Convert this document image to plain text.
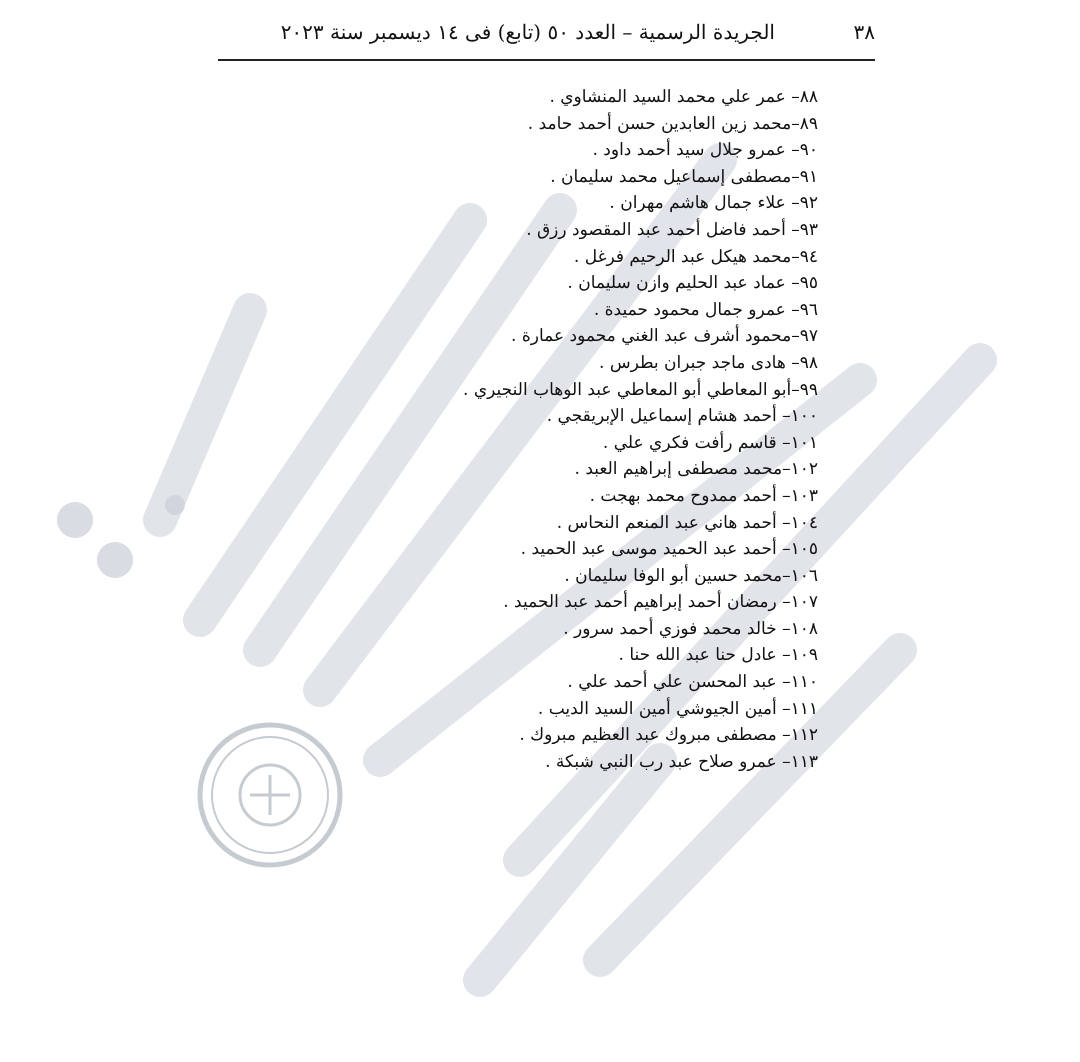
٣٨
الجريدة الرسمية – العدد ٥٠ (تابع) فى ١٤ ديسمبر سنة ٢٠٢٣
٨٨– عمر علي محمد السيد المنشاوي .
٨٩–محمد زين العابدين حسن أحمد حامد .
٩٠– عمرو جلال سيد أحمد داود .
٩١–مصطفى إسماعيل محمد سليمان .
٩٢– علاء جمال هاشم مهران .
٩٣– أحمد فاضل أحمد عبد المقصود رزق .
٩٤–محمد هيكل عبد الرحيم فرغل .
٩٥– عماد عبد الحليم وازن سليمان .
٩٦– عمرو جمال محمود حميدة .
٩٧–محمود أشرف عبد الغني محمود عمارة .
٩٨– هادى ماجد جبران بطرس .
٩٩–أبو المعاطي أبو المعاطي عبد الوهاب النجيري .
١٠٠– أحمد هشام إسماعيل الإبريقجي .
١٠١– قاسم رأفت فكري علي .
١٠٢–محمد مصطفى إبراهيم العبد .
١٠٣– أحمد ممدوح محمد بهجت .
١٠٤– أحمد هاني عبد المنعم النحاس .
١٠٥– أحمد عبد الحميد موسى عبد الحميد .
١٠٦–محمد حسين أبو الوفا سليمان .
١٠٧– رمضان أحمد إبراهيم أحمد عبد الحميد .
١٠٨– خالد محمد فوزي أحمد سرور .
١٠٩– عادل حنا عبد الله حنا .
١١٠– عبد المحسن علي أحمد علي .
١١١– أمين الجيوشي أمين السيد الديب .
١١٢– مصطفى مبروك عبد العظيم مبروك .
١١٣– عمرو صلاح عبد رب النبي شبكة .
